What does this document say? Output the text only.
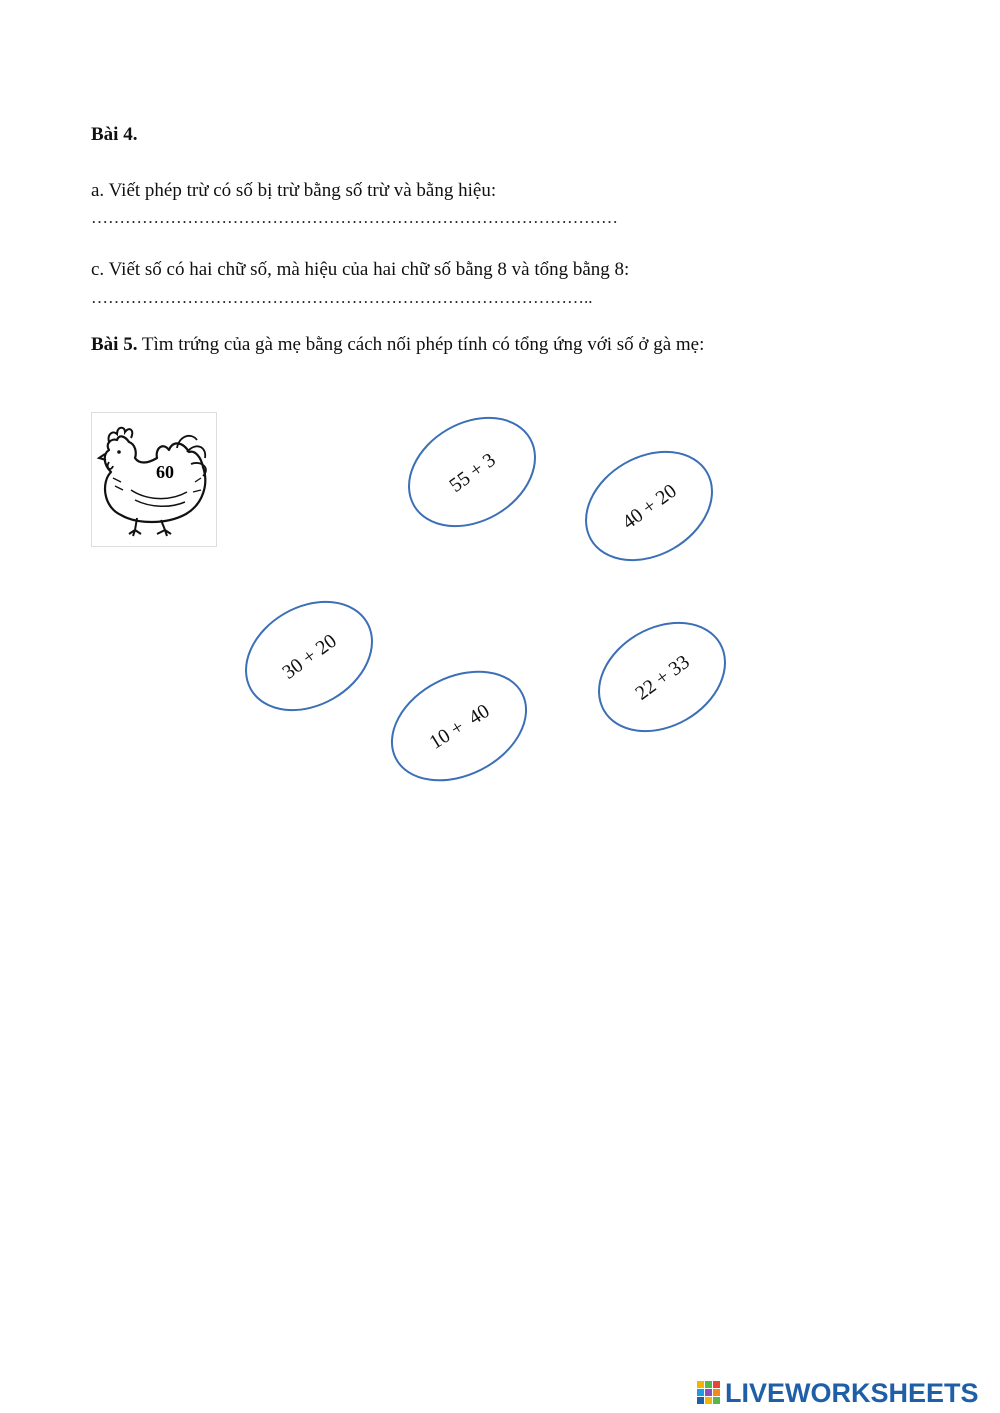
Bài 4.
a. Viết phép trừ có số bị trừ bằng số trừ và bằng hiệu:
…………………………………………………………………………………
c. Viết số có hai chữ số, mà hiệu của hai chữ số bằng 8 và tổng bằng 8:
……………………………………………………………………………..
Bài 5. Tìm trứng của gà mẹ bằng cách nối phép tính có tổng ứng với số ở gà mẹ:
60	55 + 3
40 + 20
30 + 20	22 + 33
10 +  40
LIVEWORKSHEETS
